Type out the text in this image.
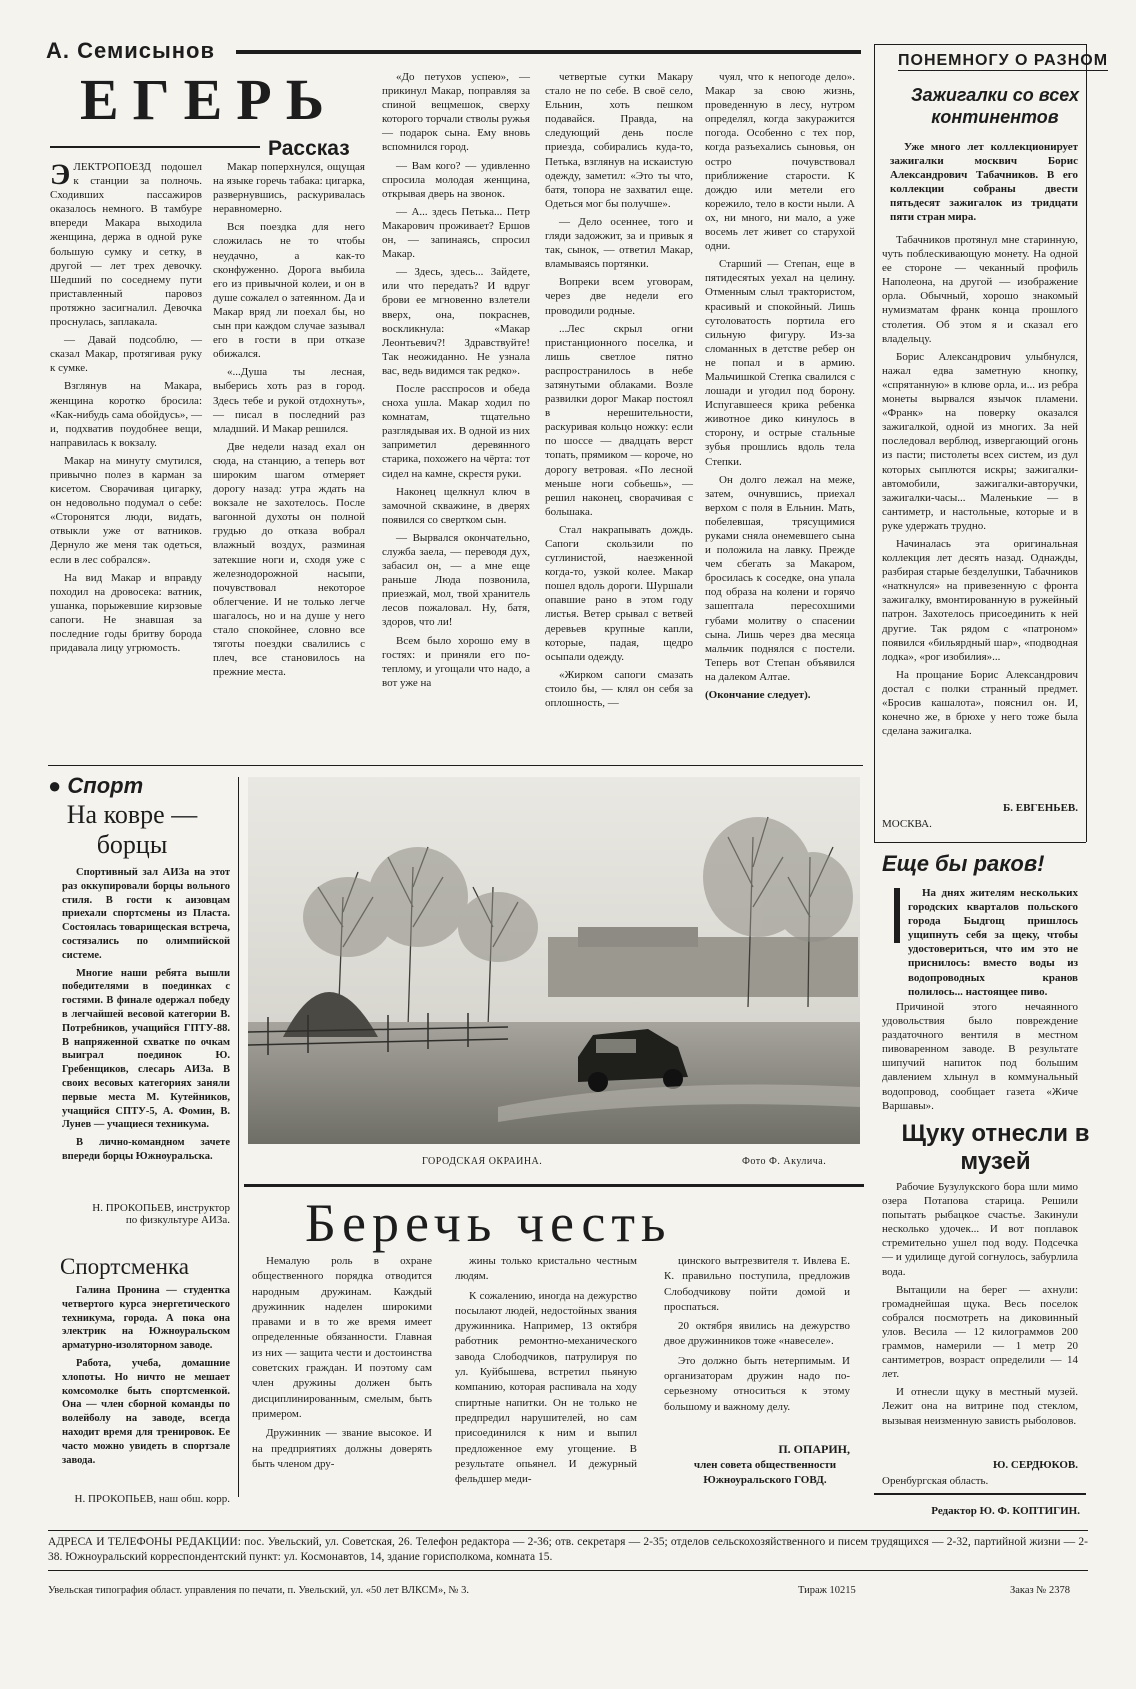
А. Семисынов
ЕГЕРЬ
Рассказ

ЭЛЕКТРОПОЕЗД подошел к станции за полночь. Сходивших пассажиров оказалось немного. В тамбуре впереди Макара выходила женщина, держа в одной руке большую сумку и сетку, в другой — лет трех девочку. Шедший по соседнему пути приставленный паровоз протяжно засигналил. Девочка проснулась, заплакала.

— Давай подсоблю, — сказал Макар, протягивая руку к сумке.

Взглянув на Макара, женщина коротко бросила: «Как-нибудь сама обойдусь», — и, подхватив поудобнее вещи, направилась к вокзалу.

Макар на минуту смутился, привычно полез в карман за кисетом. Сворачивая цигарку, он недовольно подумал о себе: «Сторонятся люди, видать, отвыкли уже от ватников. Дернуло же меня так одеться, если в лес собрался».

На вид Макар и вправду походил на дровосека: ватник, ушанка, порыжевшие кирзовые сапоги. Не знавшая за последние годы бритву борода придавала лицу угрюмость.

Макар поперхнулся, ощущая на языке горечь табака: цигарка, развернувшись, раскуривалась неравномерно.

Вся поездка для него сложилась не то чтобы неудачно, а как-то сконфуженно. Дорога выбила его из привычной колеи, и он в душе сожалел о затеянном. Да и Макар вряд ли поехал бы, но сын при каждом случае зазывал его в гости в при отказе обижался.

«...Душа ты лесная, выберись хоть раз в город. Здесь тебе и рукой отдохнуть», — писал в последний раз младший. И Макар решился.

Две недели назад ехал он сюда, на станцию, а теперь вот широким шагом отмеряет дорогу назад: утра ждать на вокзале не захотелось. После вагонной духоты он полной грудью до отказа вобрал влажный воздух, разминая затекшие ноги и, сходя уже с железнодорожной насыпи, почувствовал некоторое облегчение. И не только легче шагалось, но и на душе у него стало спокойнее, словно все тяготы поездки свалились с плеч, все становилось на прежние места.

«До петухов успею», — прикинул Макар, поправляя за спиной вещмешок, сверху которого торчали стволы ружья — подарок сына. Ему вновь вспомнился город.

— Вам кого? — удивленно спросила молодая женщина, открывая дверь на звонок.

— А... здесь Петька... Петр Макарович проживает? Ершов он, — запинаясь, спросил Макар.

— Здесь, здесь... Зайдете, или что передать? И вдруг брови ее мгновенно взлетели вверх, она, покраснев, воскликнула: «Макар Леонтьевич?! Здравствуйте! Так неожиданно. Не узнала вас, ведь видимся так редко».

После расспросов и обеда сноха ушла. Макар ходил по комнатам, тщательно разглядывая их. В одной из них заприметил деревянного старика, похожего на чёрта: тот сидел на камне, скрестя руки.

Наконец щелкнул ключ в замочной скважине, в дверях появился со свертком сын.

— Вырвался окончательно, служба заела, — переводя дух, забасил он, — а мне еще раньше Люда позвонила, приезжай, мол, твой хранитель лесов пожаловал. Ну, батя, здоров, что ли!

Всем было хорошо ему в гостях: и приняли его по-теплому, и угощали что надо, а вот уже на

четвертые сутки Макару стало не по себе. В своё село, Ельнин, хоть пешком подавайся. Правда, на следующий день после приезда, собирались куда-то, Петька, взглянув на искаистую одежду, заметил: «Это ты что, батя, топора не захватил еще. Одеться мог бы получше».

— Дело осеннее, того и гляди задожжит, за и привык я так, сынок, — ответил Макар, вламываясь портянки.

Вопреки всем уговорам, через две недели его проводили родные.

...Лес скрыл огни пристанционного поселка, и лишь светлое пятно распространилось в небе затянутыми облаками. Возле развилки дорог Макар постоял в нерешительности, раскуривая кольцо ножку: если по шоссе — двадцать верст топать, прямиком — короче, но дорогу ветровая. «По лесной меньше ноги собьешь», — решил наконец, сворачивая с большака.

Стал накрапывать дождь. Сапоги скользили по суглинистой, наезженной когда-то, узкой колее. Макар пошел вдоль дороги. Шуршали опавшие рано в этом году листья. Ветер срывал с ветвей деревьев крупные капли, которые, падая, щедро осыпали одежду.

«Жирком сапоги смазать стоило бы, — клял он себя за оплошность, —

чуял, что к непогоде дело». Макар за свою жизнь, проведенную в лесу, нутром определял, когда закуражится погода. Особенно с тех пор, когда разъехались сыновья, он остро почувствовал приближение старости. К дождю или метели его корежило, тело в кости ныли. А ох, ни много, ни мало, а уже восемь лет живет со старухой одни.

Старший — Степан, еще в пятидесятых уехал на целину. Отменным слыл трактористом, красивый и спокойный. Лишь сутоловатость портила его сильную фигуру. Из-за сломанных в детстве ребер он не попал и в армию. Мальчишкой Степка свалился с лошади и угодил под борону. Испугавшееся крика ребенка животное дико кинулось в сторону, и острые стальные зубья прошлись вдоль тела Степки.

Он долго лежал на меже, затем, очнувшись, приехал верхом с поля в Ельнин. Мать, побелевшая, трясущимися руками сняла онемевшего сына и положила на лавку. Прежде чем сбегать за Макаром, бросилась к соседке, она упала под образа на колени и горячо зашептала пересохшими губами молитву о спасении сына. Лишь через два месяца мальчик поднялся с постели. Теперь вот Степан объявился на далеком Алтае.

(Окончание следует).

ПОНЕМНОГУ О РАЗНОМ
Зажигалки со всех континентов

Уже много лет коллекционирует зажигалки москвич Борис Александрович Табачников. В его коллекции собраны двести пятьдесят зажигалок из тридцати пяти стран мира.

Табачников протянул мне старинную, чуть поблескивающую монету. На одной ее стороне — чеканный профиль Наполеона, на другой — изображение орла. Обычный, хорошо знакомый нумизматам франк конца прошлого столетия. Об этом я и сказал его владельцу.

Борис Александрович улыбнулся, нажал едва заметную кнопку, «спрятанную» в клюве орла, и... из ребра монеты вырвался язычок пламени. «Франк» на поверку оказался зажигалкой, одной из многих. За ней последовал верблюд, извергающий огонь из пасти; пистолеты всех систем, из дул которых сыплются искры; зажигалки-автомобили, зажигалки-авторучки, зажигалки-часы... Маленькие — в сантиметр, и настольные, которые и в руке удержать трудно.

Начиналась эта оригинальная коллекция лет десять назад. Однажды, разбирая старые безделушки, Табачников «наткнулся» на привезенную с фронта зажигалку, вмонтированную в ружейный патрон. Захотелось присоединить к ней другие. Так рядом с «патроном» появился «бильярдный шар», «подводная лодка», «рог изобилия»...

На прощание Борис Александрович достал с полки странный предмет. «Бросив кашалота», пояснил он. И, конечно же, в брюхе у него тоже была сделана зажигалка.

Б. ЕВГЕНЬЕВ.
МОСКВА.
Еще бы раков!

На днях жителям нескольких городских кварталов польского города Быдгощ пришлось ущипнуть себя за щеку, чтобы удостовериться, что им это не приснилось: вместо воды из водопроводных кранов полилось... настоящее пиво.

Причиной этого нечаянного удовольствия было повреждение раздаточного вентиля в местном пивоваренном заводе. В результате шипучий напиток под большим давлением хлынул в коммунальный водопровод, сообщает газета «Жиче Варшавы».

Щуку отнесли в музей

Рабочие Бузулукского бора шли мимо озера Потапова старица. Решили попытать рыбацкое счастье. Закинули несколько удочек... И вот поплавок стремительно ушел под воду. Подсечка — и удилище дугой согнулось, забурлила вода.

Вытащили на берег — ахнули: громаднейшая щука. Весь поселок собрался посмотреть на диковинный улов. Весила — 12 килограммов 200 граммов, намерили — 1 метр 20 сантиметров, возраст определили — 14 лет.

И отнесли щуку в местный музей. Лежит она на витрине под стеклом, вызывая неизменную зависть рыболовов.

Ю. СЕРДЮКОВ.
Оренбургская область.
Редактор Ю. Ф. КОПТИГИН.
● Спорт
На ковре — борцы

Спортивный зал АИЗа на этот раз оккупировали борцы вольного стиля. В гости к аизовцам приехали спортсмены из Пласта. Состоялась товарищеская встреча, состязались по олимпийской системе.

Многие наши ребята вышли победителями в поединках с гостями. В финале одержал победу в легчайшей весовой категории В. Потребников, учащийся ГПТУ-88. В напряженной схватке по очкам выиграл поединок Ю. Гребенщиков, слесарь АИЗа. В своих весовых категориях заняли первые места М. Кутейников, учащийся СПТУ-5, А. Фомин, В. Лунев — учащиеся техникума.

В лично-командном зачете впереди борцы Южноуральска.

Н. ПРОКОПЬЕВ, инструктор по физкультуре АИЗа.
Спортсменка

Галина Пронина — студентка четвертого курса энергетического техникума, города. А пока она электрик на Южноуральском арматурно-изоляторном заводе.

Работа, учеба, домашние хлопоты. Но ничто не мешает комсомолке быть спортсменкой. Она — член сборной команды по волейболу на заводе, всегда находит время для тренировок. Ее часто можно увидеть в спортзале завода.

Н. ПРОКОПЬЕВ, наш обш. корр.
ГОРОДСКАЯ ОКРАИНА.	Фото Ф. Акулича.
Беречь честь

Немалую роль в охране общественного порядка отводится народным дружинам. Каждый дружинник наделен широкими правами и в то же время имеет определенные обязанности. Главная из них — защита чести и достоинства советских граждан. И поэтому сам член дружины должен быть дисциплинированным, смелым, быть примером.

Дружинник — звание высокое. И на предприятиях должны доверять быть членом дру-

жины только кристально честным людям.

К сожалению, иногда на дежурство посылают людей, недостойных звания дружинника. Например, 13 октября работник ремонтно-механического завода Слободчиков, патрулируя по ул. Куйбышева, встретил пьяную компанию, которая распивала на ходу спиртные напитки. Он не только не предпредил нарушителей, но сам присоединился к ним и выпил предложенное ему угощение. В результате опьянел. И дежурный фельдшер меди-

цинского вытрезвителя т. Ивлева Е. К. правильно поступила, предложив Слободчикову пойти домой и проспаться.

20 октября явились на дежурство двое дружинников тоже «навеселе».

Это должно быть нетерпимым. И организаторам дружин надо по-серьезному относиться к этому большому и важному делу.

П. ОПАРИН,
член совета общественности Южноуральского ГОВД.
АДРЕСА И ТЕЛЕФОНЫ РЕДАКЦИИ: пос. Увельский, ул. Советская, 26. Телефон редактора — 2-36; отв. секретаря — 2-35; отделов сельскохозяйственного и писем трудящихся — 2-32, партийной жизни — 2-38. Южноуральский корреспондентский пункт: ул. Космонавтов, 14, здание горисполкома, комната 15.
Увельская типография област. управления по печати, п. Увельский, ул. «50 лет ВЛКСМ», № 3.	Тираж 10215	Заказ № 2378
